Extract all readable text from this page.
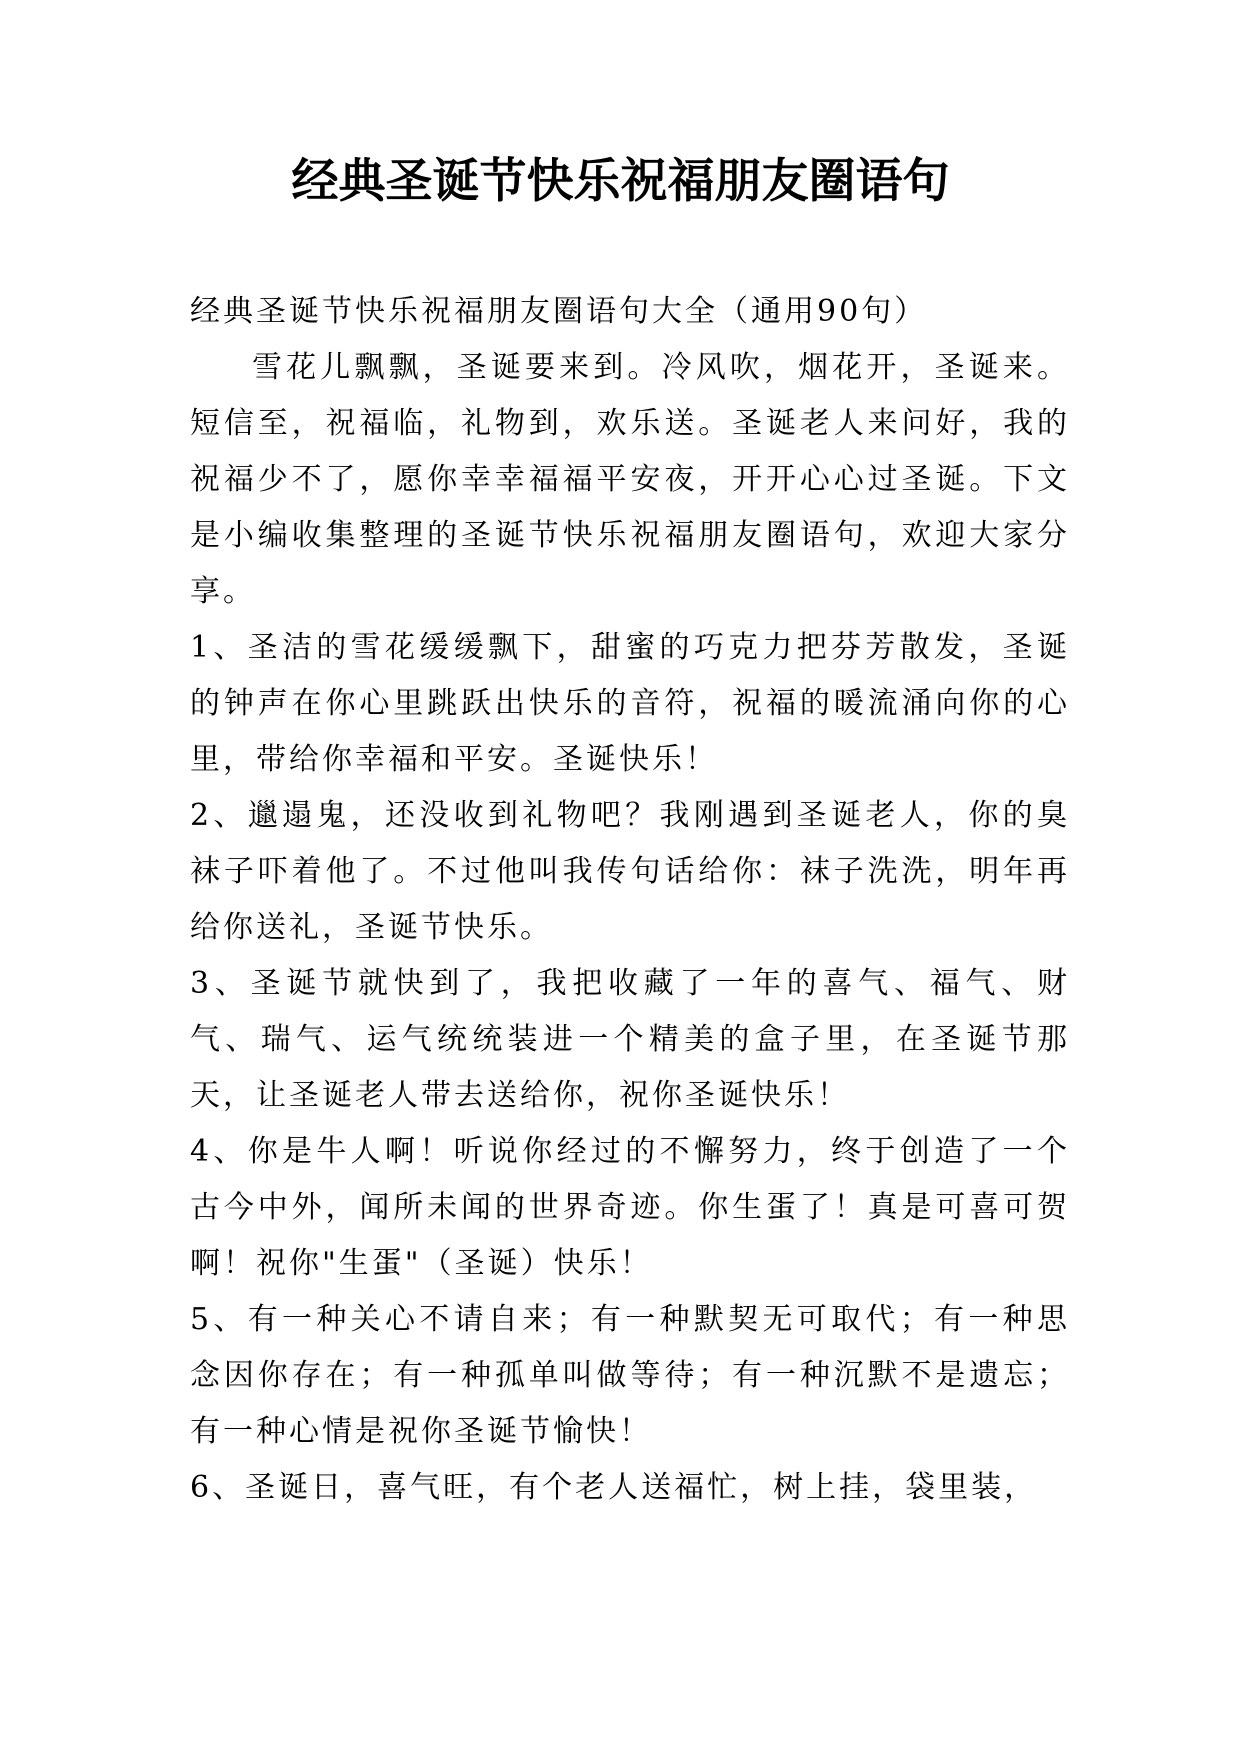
经典圣诞节快乐祝福朋友圈语句

经典圣诞节快乐祝福朋友圈语句大全（通用90句）

雪花儿飘飘，圣诞要来到。冷风吹，烟花开，圣诞来。短信至，祝福临，礼物到，欢乐送。圣诞老人来问好，我的祝福少不了，愿你幸幸福福平安夜，开开心心过圣诞。下文是小编收集整理的圣诞节快乐祝福朋友圈语句，欢迎大家分享。

1、圣洁的雪花缓缓飘下，甜蜜的巧克力把芬芳散发，圣诞的钟声在你心里跳跃出快乐的音符，祝福的暖流涌向你的心里，带给你幸福和平安。圣诞快乐！

2、邋遢鬼，还没收到礼物吧？我刚遇到圣诞老人，你的臭袜子吓着他了。不过他叫我传句话给你：袜子洗洗，明年再给你送礼，圣诞节快乐。

3、圣诞节就快到了，我把收藏了一年的喜气、福气、财气、瑞气、运气统统装进一个精美的盒子里，在圣诞节那天，让圣诞老人带去送给你，祝你圣诞快乐！

4、你是牛人啊！听说你经过的不懈努力，终于创造了一个古今中外，闻所未闻的世界奇迹。你生蛋了！真是可喜可贺啊！祝你"生蛋"（圣诞）快乐！

5、有一种关心不请自来；有一种默契无可取代；有一种思念因你存在；有一种孤单叫做等待；有一种沉默不是遗忘；有一种心情是祝你圣诞节愉快！

6、圣诞日，喜气旺，有个老人送福忙，树上挂，袋里装，
